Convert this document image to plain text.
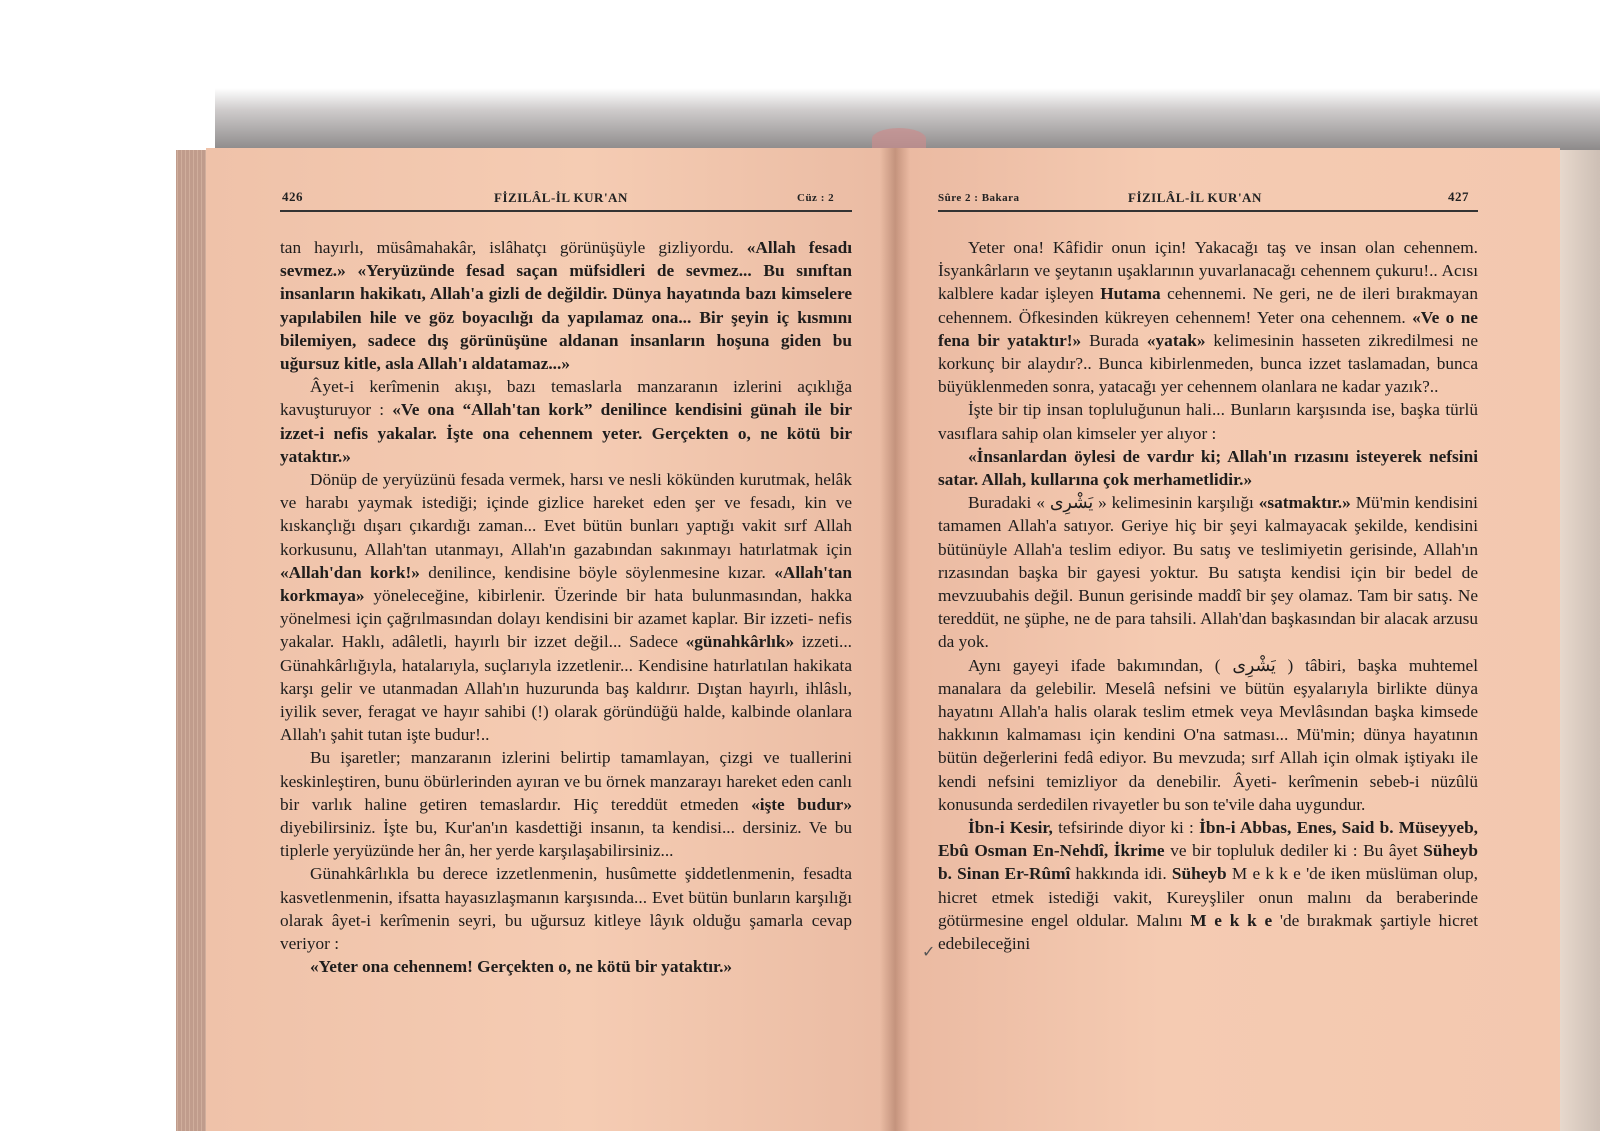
426	FİZILÂL-İL KUR'AN	Cüz : 2	Sûre 2 : Bakara	FİZILÂL-İL KUR'AN	427

tan hayırlı, müsâmahakâr, islâhatçı görünüşüyle gizliyordu. «Allah fesadı sevmez.» «Yeryüzünde fesad saçan müfsidleri de sevmez... Bu sınıftan insanların hakikatı, Allah'a gizli de değildir. Dünya hayatında bazı kimselere yapılabilen hile ve göz boyacılığı da yapılamaz ona... Bir şeyin iç kısmını bilemiyen, sadece dış görünüşüne aldanan insanların hoşuna giden bu uğursuz kitle, asla Allah'ı aldatamaz...»

Âyet-i kerîmenin akışı, bazı temaslarla manzaranın izlerini açıklığa kavuşturuyor : «Ve ona “Allah'tan kork” denilince kendisini günah ile bir izzet-i nefis yakalar. İşte ona cehennem yeter. Gerçekten o, ne kötü bir yataktır.»

Dönüp de yeryüzünü fesada vermek, harsı ve nesli kökünden kurutmak, helâk ve harabı yaymak istediği; içinde gizlice hareket eden şer ve fesadı, kin ve kıskançlığı dışarı çıkardığı zaman... Evet bütün bunları yaptığı vakit sırf Allah korkusunu, Allah'tan utanmayı, Allah'ın gazabından sakınmayı hatırlatmak için «Allah'dan kork!» denilince, kendisine böyle söylenmesine kızar. «Allah'tan korkmaya» yöneleceğine, kibirlenir. Üzerinde bir hata bulunmasından, hakka yönelmesi için çağrılmasından dolayı kendisini bir azamet kaplar. Bir izzeti- nefis yakalar. Haklı, adâletli, hayırlı bir izzet değil... Sadece «günahkârlık» izzeti... Günahkârlığıyla, hatalarıyla, suçlarıyla izzetlenir... Kendisine hatırlatılan hakikata karşı gelir ve utanmadan Allah'ın huzurunda baş kaldırır. Dıştan hayırlı, ihlâslı, iyilik sever, feragat ve hayır sahibi (!) olarak göründüğü halde, kalbinde olanlara Allah'ı şahit tutan işte budur!..

Bu işaretler; manzaranın izlerini belirtip tamamlayan, çizgi ve tuallerini keskinleştiren, bunu öbürlerinden ayıran ve bu örnek manzarayı hareket eden canlı bir varlık haline getiren temaslardır. Hiç tereddüt etmeden «işte budur» diyebilirsiniz. İşte bu, Kur'an'ın kasdettiği insanın, ta kendisi... dersiniz. Ve bu tiplerle yeryüzünde her ân, her yerde karşılaşabilirsiniz...

Günahkârlıkla bu derece izzetlenmenin, husûmette şiddetlenmenin, fesadta kasvetlenmenin, ifsatta hayasızlaşmanın karşısında... Evet bütün bunların karşılığı olarak âyet-i kerîmenin seyri, bu uğursuz kitleye lâyık olduğu şamarla cevap veriyor :

«Yeter ona cehennem! Gerçekten o, ne kötü bir yataktır.»

Yeter ona! Kâfidir onun için! Yakacağı taş ve insan olan cehennem. İsyankârların ve şeytanın uşaklarının yuvarlanacağı cehennem çukuru!.. Acısı kalblere kadar işleyen Hutama cehennemi. Ne geri, ne de ileri bırakmayan cehennem. Öfkesinden kükreyen cehennem! Yeter ona cehennem. «Ve o ne fena bir yataktır!» Burada «yatak» kelimesinin hasseten zikredilmesi ne korkunç bir alaydır?.. Bunca kibirlenmeden, bunca izzet taslamadan, bunca büyüklenmeden sonra, yatacağı yer cehennem olanlara ne kadar yazık?..

İşte bir tip insan topluluğunun hali... Bunların karşısında ise, başka türlü vasıflara sahip olan kimseler yer alıyor :

«İnsanlardan öylesi de vardır ki; Allah'ın rızasını isteyerek nefsini satar. Allah, kullarına çok merhametlidir.»

Buradaki « يَشْرِى » kelimesinin karşılığı «satmaktır.» Mü'min kendisini tamamen Allah'a satıyor. Geriye hiç bir şeyi kalmayacak şekilde, kendisini bütünüyle Allah'a teslim ediyor. Bu satış ve teslimiyetin gerisinde, Allah'ın rızasından başka bir gayesi yoktur. Bu satışta kendisi için bir bedel de mevzuubahis değil. Bunun gerisinde maddî bir şey olamaz. Tam bir satış. Ne tereddüt, ne şüphe, ne de para tahsili. Allah'dan başkasından bir alacak arzusu da yok.

Aynı gayeyi ifade bakımından, ( يَشْرِى ) tâbiri, başka muhtemel manalara da gelebilir. Meselâ nefsini ve bütün eşyalarıyla birlikte dünya hayatını Allah'a halis olarak teslim etmek veya Mevlâsından başka kimsede hakkının kalmaması için kendini O'na satması... Mü'min; dünya hayatının bütün değerlerini fedâ ediyor. Bu mevzuda; sırf Allah için olmak iştiyakı ile kendi nefsini temizliyor da denebilir. Âyeti- kerîmenin sebeb-i nüzûlü konusunda serdedilen rivayetler bu son te'vile daha uygundur.

İbn-i Kesir, tefsirinde diyor ki : İbn-i Abbas, Enes, Said b. Müseyyeb, Ebû Osman En-Nehdî, İkrime ve bir topluluk dediler ki : Bu âyet Süheyb b. Sinan Er-Rûmî hakkında idi. Süheyb M e k k e 'de iken müslüman olup, hicret etmek istediği vakit, Kureyşliler onun malını da beraberinde götürmesine engel oldular. Malını M e k k e 'de bırakmak şartiyle hicret edebileceğini

✓
